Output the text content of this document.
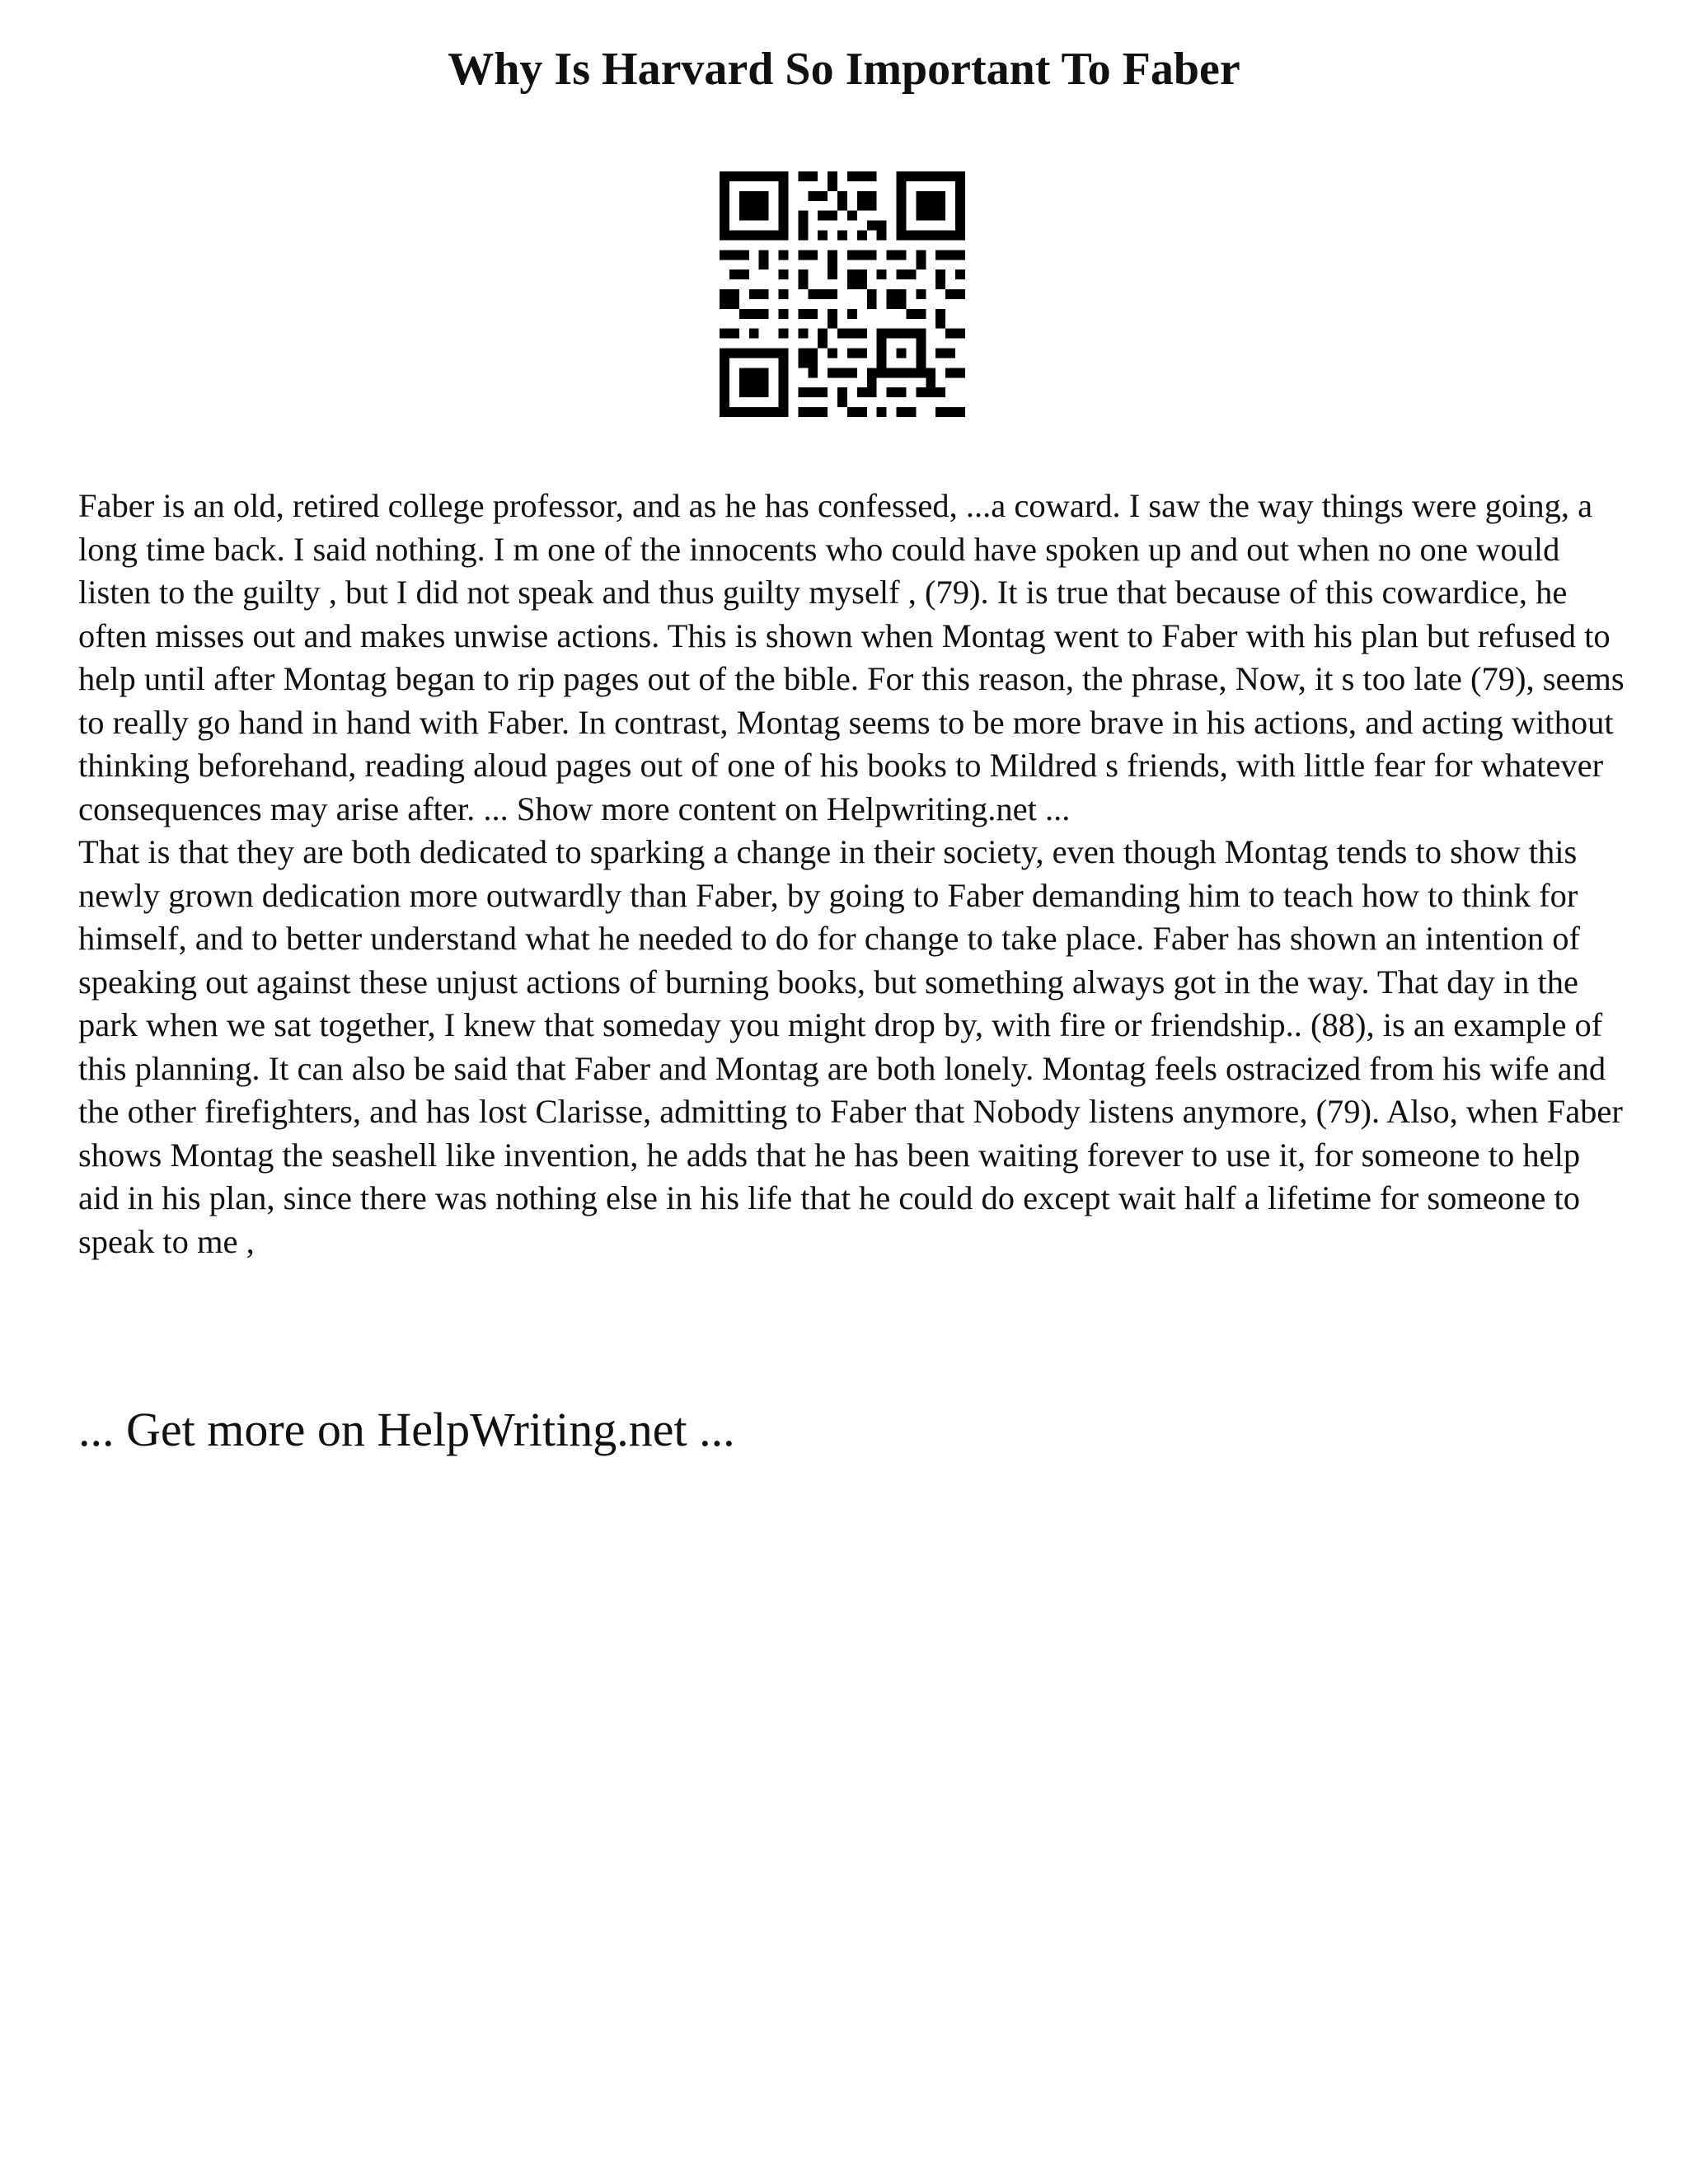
Why Is Harvard So Important To Faber

Faber is an old, retired college professor, and as he has confessed, ...a coward. I saw the way things were going, a long time back. I said nothing. I m one of the innocents who could have spoken up and out when no one would listen to the guilty , but I did not speak and thus guilty myself , (79). It is true that because of this cowardice, he often misses out and makes unwise actions. This is shown when Montag went to Faber with his plan but refused to help until after Montag began to rip pages out of the bible. For this reason, the phrase, Now, it s too late (79), seems to really go hand in hand with Faber. In contrast, Montag seems to be more brave in his actions, and acting without thinking beforehand, reading aloud pages out of one of his books to Mildred s friends, with little fear for whatever consequences may arise after. ... Show more content on Helpwriting.net ...

That is that they are both dedicated to sparking a change in their society, even though Montag tends to show this newly grown dedication more outwardly than Faber, by going to Faber demanding him to teach how to think for himself, and to better understand what he needed to do for change to take place. Faber has shown an intention of speaking out against these unjust actions of burning books, but something always got in the way. That day in the park when we sat together, I knew that someday you might drop by, with fire or friendship.. (88), is an example of this planning. It can also be said that Faber and Montag are both lonely. Montag feels ostracized from his wife and the other firefighters, and has lost Clarisse, admitting to Faber that Nobody listens anymore, (79). Also, when Faber shows Montag the seashell like invention, he adds that he has been waiting forever to use it, for someone to help aid in his plan, since there was nothing else in his life that he could do except wait half a lifetime for someone to speak to me ,

... Get more on HelpWriting.net ...
